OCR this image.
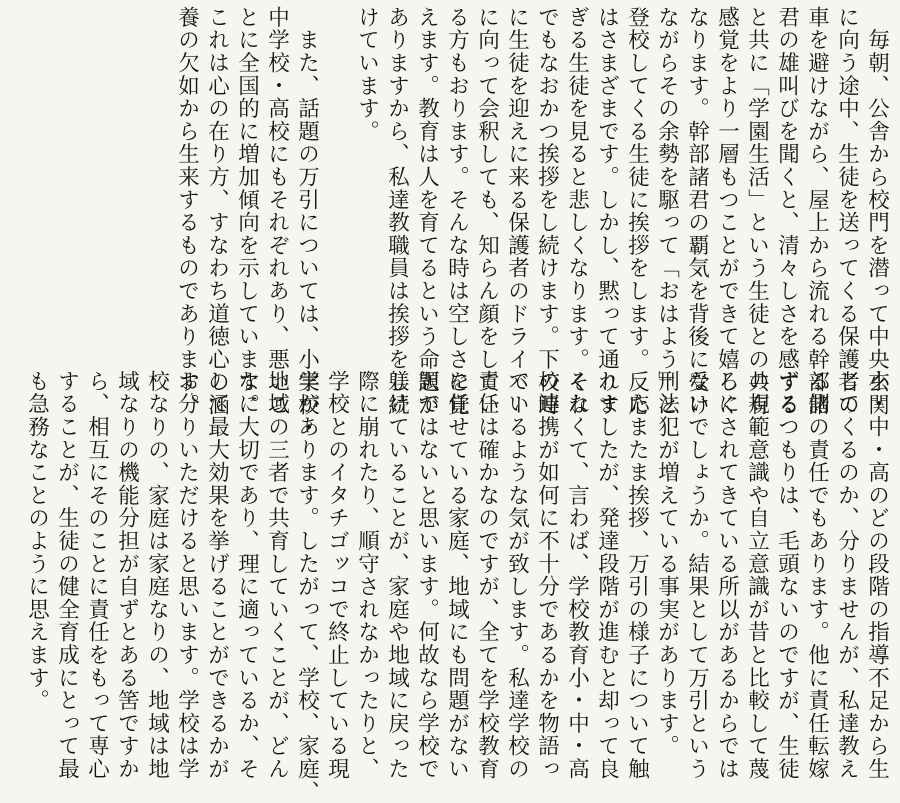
　毎朝、公舎から校門を潜って中央玄関
に向う途中、生徒を送ってくる保護者の
車を避けながら、屋上から流れる幹部諸
君の雄叫びを聞くと、清々しさを感ずる
と共に「学園生活」という生徒との共有
感覚をより一層もつことができて嬉しく
なります。幹部諸君の覇気を背後に受け
ながらその余勢を駆って「おはよう」と
登校してくる生徒に挨拶をします。反応
はさまざまです。しかし、黙って通りす
ぎる生徒を見ると悲しくなります。それ
でもなおかつ挨拶をし続けます。下校時
に生徒を迎えに来る保護者のドライバー
に向って会釈しても、知らん顔をしてい
る方もおります。そんな時は空しさを覚
えます。教育は人を育てるという命題が
ありますから、私達教職員は挨拶をし続
けています。
　また、話題の万引については、小学校・
中学校・高校にもそれぞれあり、悪いこ
とに全国的に増加傾向を示しています。
これは心の在り方、すなわち道徳心の涵
養の欠如から生来するものであります。
小・中・高のどの段階の指導不足から生
じてくるのか、分りませんが、私達教え
る側の責任でもあります。他に責任転嫁
するつもりは、毛頭ないのですが、生徒
の規範意識や自立意識が昔と比較して蔑
ろにされてきている所以があるからでは
ないでしょうか。結果として万引という
刑法犯が増えている事実があります。
　たまたま挨拶、万引の様子について触
れましたが、発達段階が進むと却って良
くなくて、言わば、学校教育小・中・高
の連携が如何に不十分であるかを物語っ
ているような気が致します。私達学校の
責任は確かなのですが、全てを学校教育
に任せている家庭、地域にも問題がない
訳ではないと思います。何故なら学校で
躾けていることが、家庭や地域に戻った
際に崩れたり、順守されなかったりと、
学校とのイタチゴッコで終止している現
実があります。したがって、学校、家庭、
地域の三者で共育していくことが、どん
なに大切であり、理に適っているか、そ
して最大効果を挙げることができるかが
お分りいただけると思います。学校は学
校なりの、家庭は家庭なりの、地域は地
域なりの機能分担が自ずとある筈ですか
ら、相互にそのことに責任をもって専心
することが、生徒の健全育成にとって最
も急務なことのように思えます。
